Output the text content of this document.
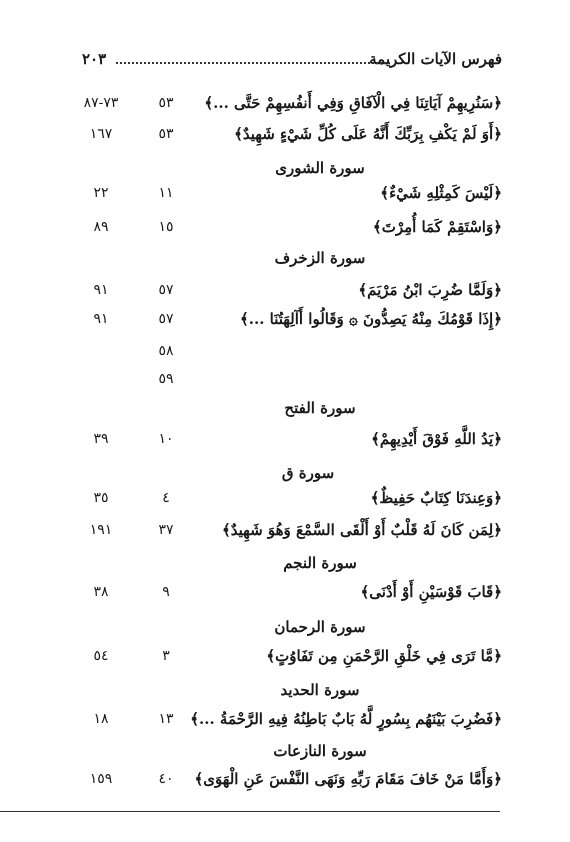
فهرس الآيات الكريمة
٢٠٣
﴿سَنُرِيهِمْ آيَاتِنَا فِي الْآفَاقِ وَفِي أَنفُسِهِمْ حَتَّى ...﴾
٥٣
٧٣-٨٧
﴿أَوَ لَمْ يَكْفِ بِرَبِّكَ أَنَّهُ عَلَى كُلِّ شَيْءٍ شَهِيدٌ﴾
٥٣
١٦٧
سورة الشورى
﴿لَيْسَ كَمِثْلِهِ شَيْءٌ﴾
١١
٢٢
﴿وَاسْتَقِمْ كَمَا أُمِرْتَ﴾
١٥
٨٩
سورة الزخرف
﴿وَلَمَّا ضُرِبَ ابْنُ مَرْيَمَ﴾
٥٧
٩١
﴿إِذَا قَوْمُكَ مِنْهُ يَصِدُّونَ ۞ وَقَالُوا أَآلِهَتُنَا ...﴾
٥٧
٩١
٥٨
٥٩
سورة الفتح
﴿يَدُ اللَّهِ فَوْقَ أَيْدِيهِمْ﴾
١٠
٣٩
سورة ق
﴿وَعِندَنَا كِتَابٌ حَفِيظٌ﴾
٤
٣٥
﴿لِمَن كَانَ لَهُ قَلْبٌ أَوْ أَلْقَى السَّمْعَ وَهُوَ شَهِيدٌ﴾
٣٧
١٩١
سورة النجم
﴿قَابَ قَوْسَيْنِ أَوْ أَدْنَى﴾
٩
٣٨
سورة الرحمان
﴿مَّا تَرَى فِي خَلْقِ الرَّحْمَنِ مِن تَفَاوُتٍ﴾
٣
٥٤
سورة الحديد
﴿فَضُرِبَ بَيْنَهُم بِسُورٍ لَّهُ بَابٌ بَاطِنُهُ فِيهِ الرَّحْمَةُ ...﴾
١٣
١٨
سورة النازعات
﴿وَأَمَّا مَنْ خَافَ مَقَامَ رَبِّهِ وَنَهَى النَّفْسَ عَنِ الْهَوَى﴾
٤٠
١٥٩
